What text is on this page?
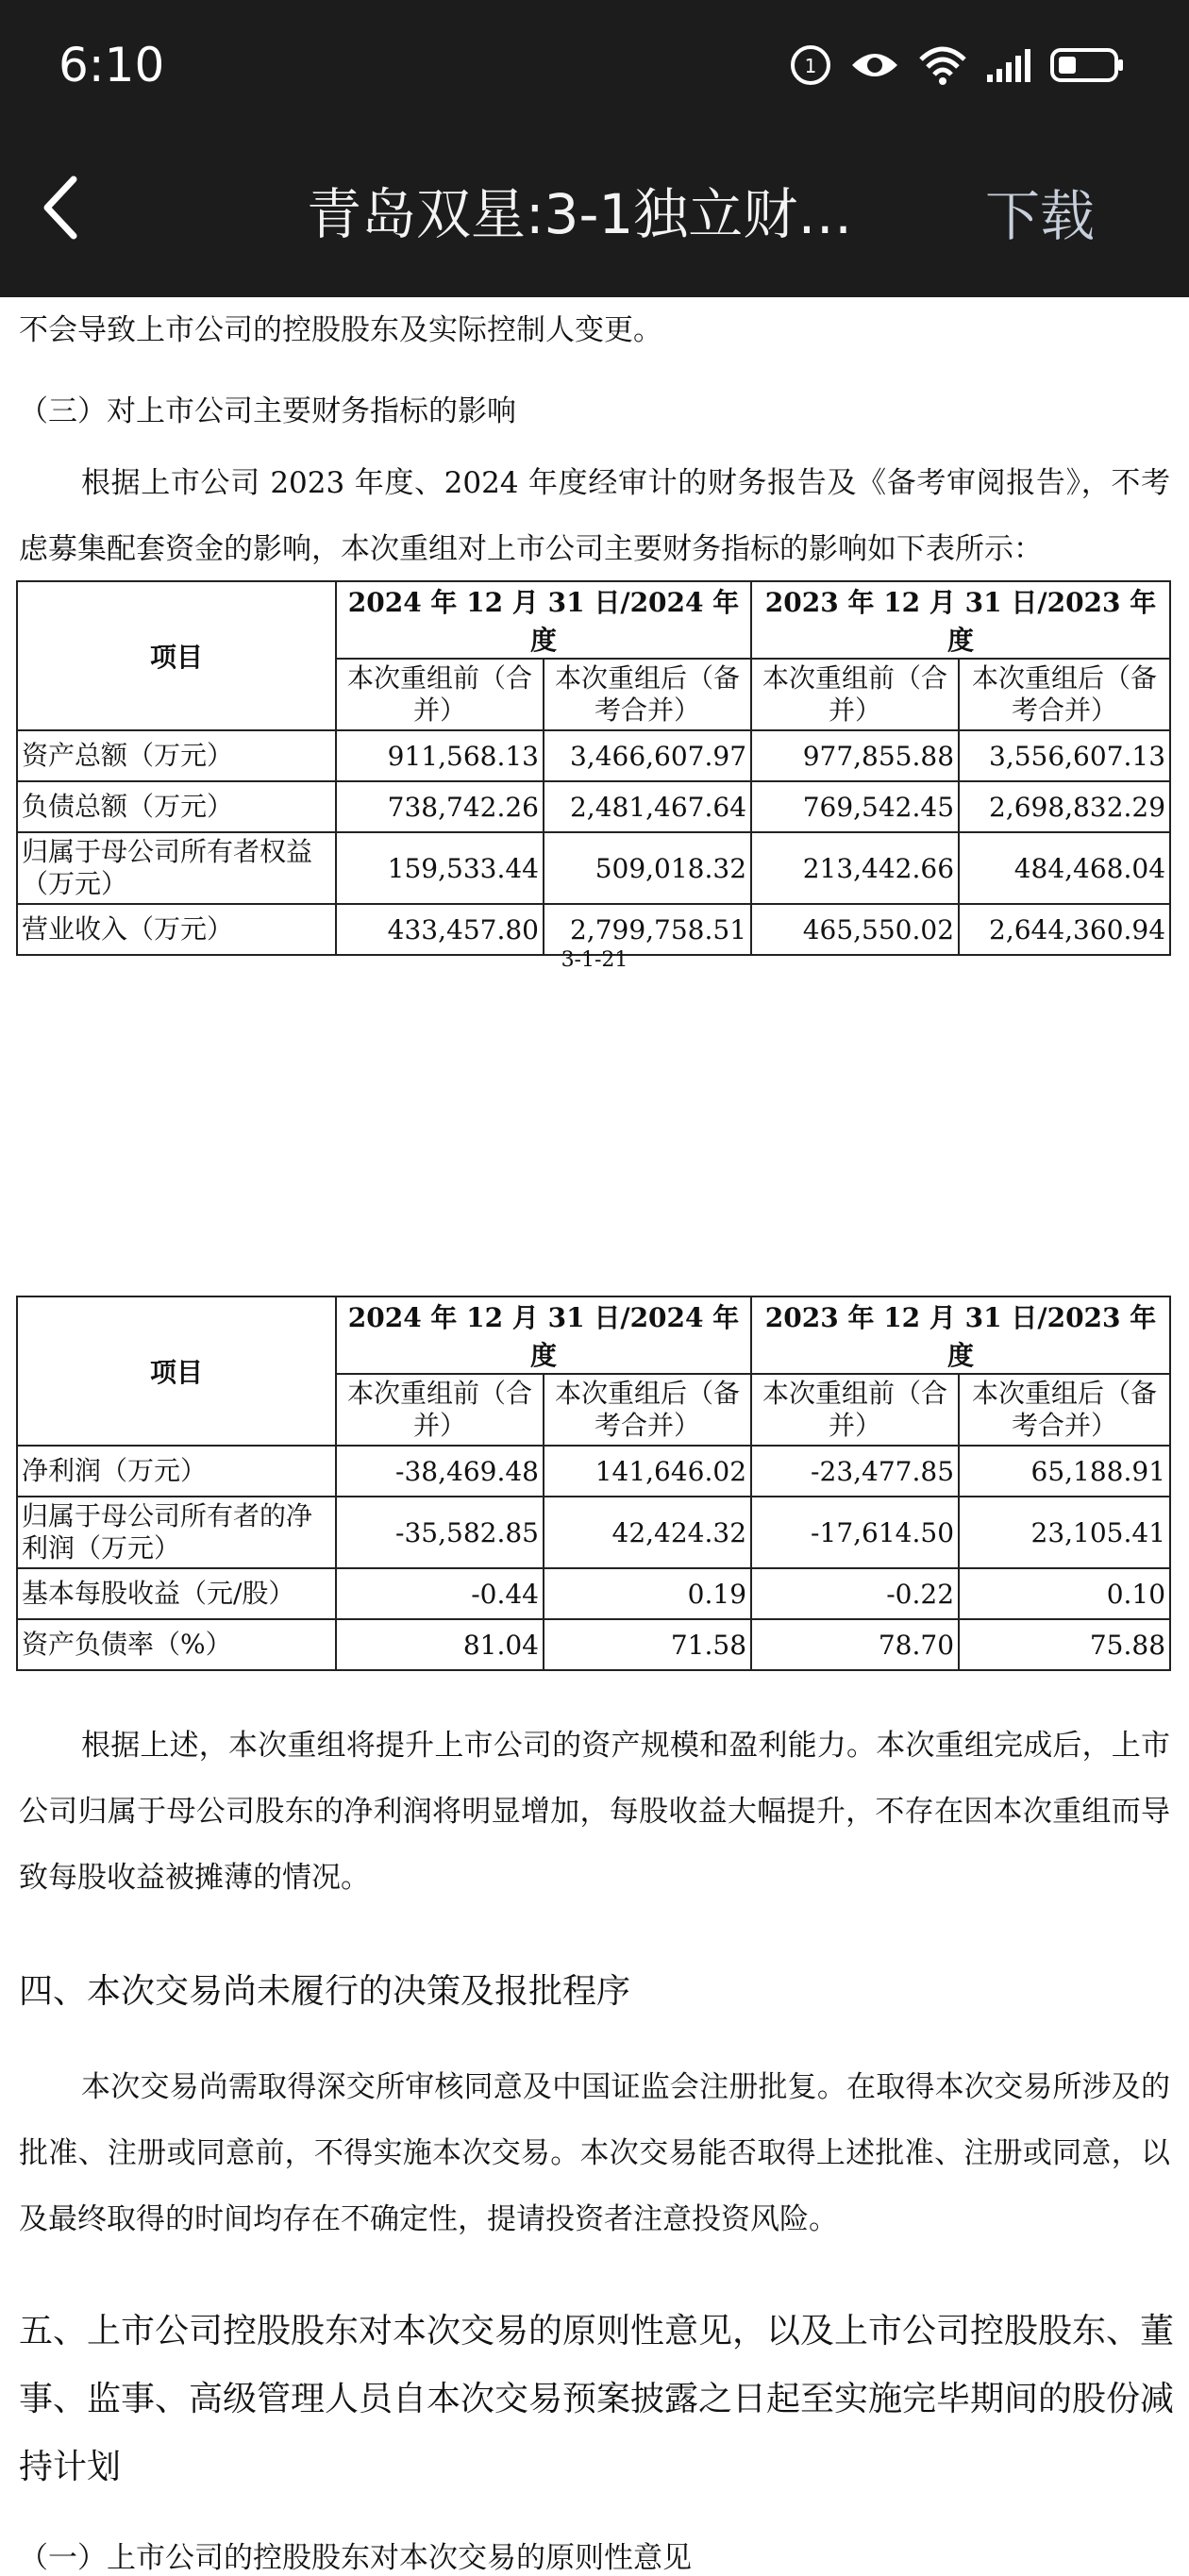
6:10	1
青岛双星:3-1独立财…	下载
不会导致上市公司的控股股东及实际控制人变更。
（三）对上市公司主要财务指标的影响
根据上市公司 2023 年度、2024 年度经审计的财务报告及《备考审阅报告》，不考虑募集配套资金的影响，本次重组对上市公司主要财务指标的影响如下表所示：
项目	2024 年 12 月 31 日/2024 年度		2023 年 12 月 31 日/2023 年度	
	本次重组前（合并）	本次重组后（备考合并）	本次重组前（合并）	本次重组后（备考合并）
资产总额（万元）	911,568.13	3,466,607.97	977,855.88	3,556,607.13
负债总额（万元）	738,742.26	2,481,467.64	769,542.45	2,698,832.29
归属于母公司所有者权益（万元）	159,533.44	509,018.32	213,442.66	484,468.04
营业收入（万元）	433,457.80	2,799,758.51	465,550.02	2,644,360.94
3-1-21
项目	2024 年 12 月 31 日/2024 年度		2023 年 12 月 31 日/2023 年度	
	本次重组前（合并）	本次重组后（备考合并）	本次重组前（合并）	本次重组后（备考合并）
净利润（万元）	-38,469.48	141,646.02	-23,477.85	65,188.91
归属于母公司所有者的净利润（万元）	-35,582.85	42,424.32	-17,614.50	23,105.41
基本每股收益（元/股）	-0.44	0.19	-0.22	0.10
资产负债率（%）	81.04	71.58	78.70	75.88
根据上述，本次重组将提升上市公司的资产规模和盈利能力。本次重组完成后，上市公司归属于母公司股东的净利润将明显增加，每股收益大幅提升，不存在因本次重组而导致每股收益被摊薄的情况。
四、本次交易尚未履行的决策及报批程序
本次交易尚需取得深交所审核同意及中国证监会注册批复。在取得本次交易所涉及的批准、注册或同意前，不得实施本次交易。本次交易能否取得上述批准、注册或同意，以及最终取得的时间均存在不确定性，提请投资者注意投资风险。
五、上市公司控股股东对本次交易的原则性意见，以及上市公司控股股东、董事、监事、高级管理人员自本次交易预案披露之日起至实施完毕期间的股份减持计划
（一）上市公司的控股股东对本次交易的原则性意见
